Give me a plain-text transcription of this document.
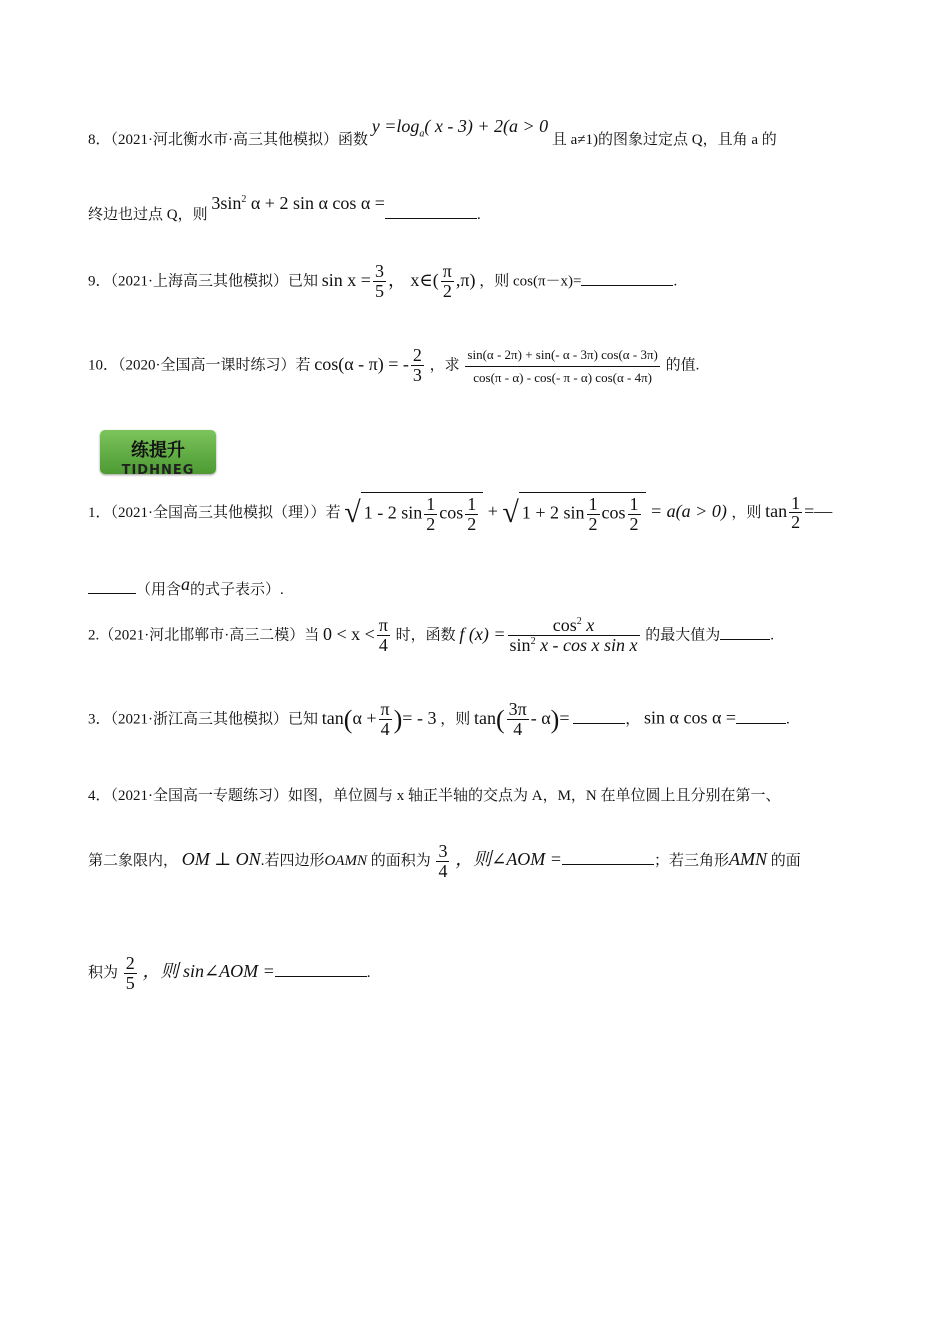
8．（2021·河北衡水市·高三其他模拟）函数 $y =\log_a$( x - 3) + 2(a > 0 且 a≠1)的图象过定点 Q，且角 a 的
终边也过点 Q，则 $3\sin^2$ α + 2 sin α cos α =.
9．（2021·上海高三其他模拟）已知 $\sin x = \frac{3}{5}$ ， x∈( $\frac{\pi}{2} ,\pi$) ，则 cos(π－x)=	.
10．（2020·全国高一课时练习）若 cos(α - π) = - $\frac{2}{3}$ ，求 $\frac{\sin(\alpha - 2\pi) + \sin(- \alpha - 3\pi) \cos(\alpha - 3\pi)}{\cos(\pi - \alpha) - \cos(- \pi - \alpha) \cos(\alpha - 4\pi)}$ 的值.
练提升
TIDHNEG
1．（2021·全国高三其他模拟（理））若 √ 1 - 2 $\sin \frac{1}{2}$ $\cos \frac{1}{2}$ + √ 1 + 2 $\sin \frac{1}{2}$ $\cos \frac{1}{2} = a(a > 0)$ ，则 $\tan \frac{1}{2}$ =—
（用含a的式子表示）.
2.（2021·河北邯郸市·高三二模）当 $0 < x < \frac{\pi}{4}$ 时，函数 f $(x) = \frac{\cos^2 x}{\sin^2 x - \cos x \sin x}$ 的最大值为	.
3．（2021·浙江高三其他模拟）已知 $\tan(\alpha + \frac{\pi}{4}$ )= - 3 ，则 $\tan( \frac{3\pi}{4} - \alpha)=$	， sin α cos α =	.
4．（2021·全国高一专题练习）如图，单位圆与 x 轴正半轴的交点为 A，M，N 在单位圆上且分别在第一、
第二象限内， OM ⊥ ON.若四边形OAMN 的面积为 $\frac{3}{4}$ ，则∠AOM =	；若三角形AMN 的面
积为 $\frac{2}{5}$ ，则 sin∠AOM =	.
